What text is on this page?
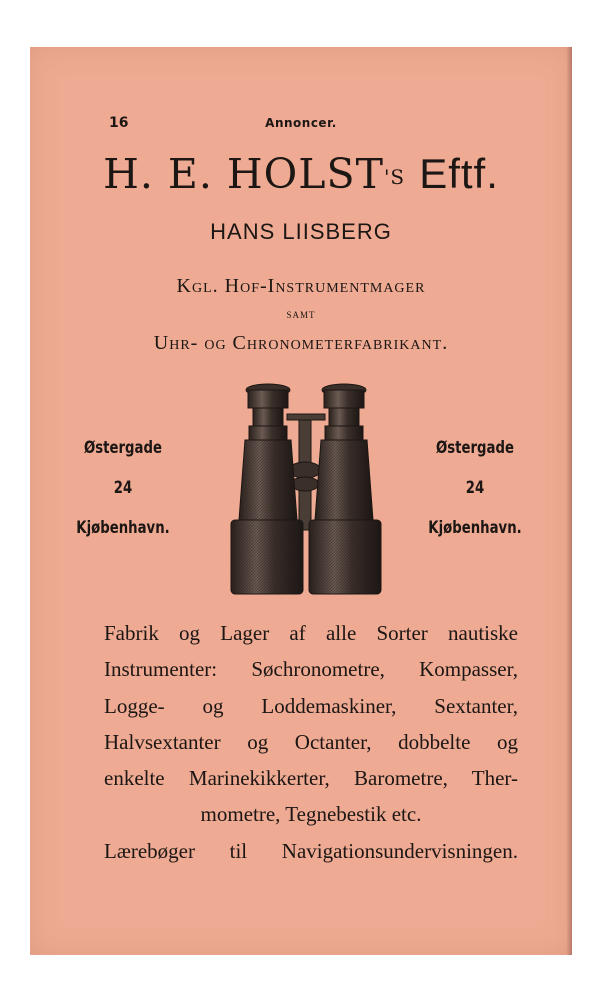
16	Annoncer.
H. E. $HOLST^{'S}$ Eftf.
HANS LIISBERG
Kgl. Hof-Instrumentmager
SAMT
Uhr- og Chronometerfabrikant.
Østergade
24
Kjøbenhavn.
Østergade
24
Kjøbenhavn.
Fabrik og Lager af alle Sorter nautiske
Instrumenter: Søchronometre, Kompasser,
Logge- og Loddemaskiner, Sextanter,
Halvsextanter og Octanter, dobbelte og
enkelte Marinekikkerter, Barometre, Ther-
mometre, Tegnebestik etc.
Lærebøger til Navigationsundervisningen.
